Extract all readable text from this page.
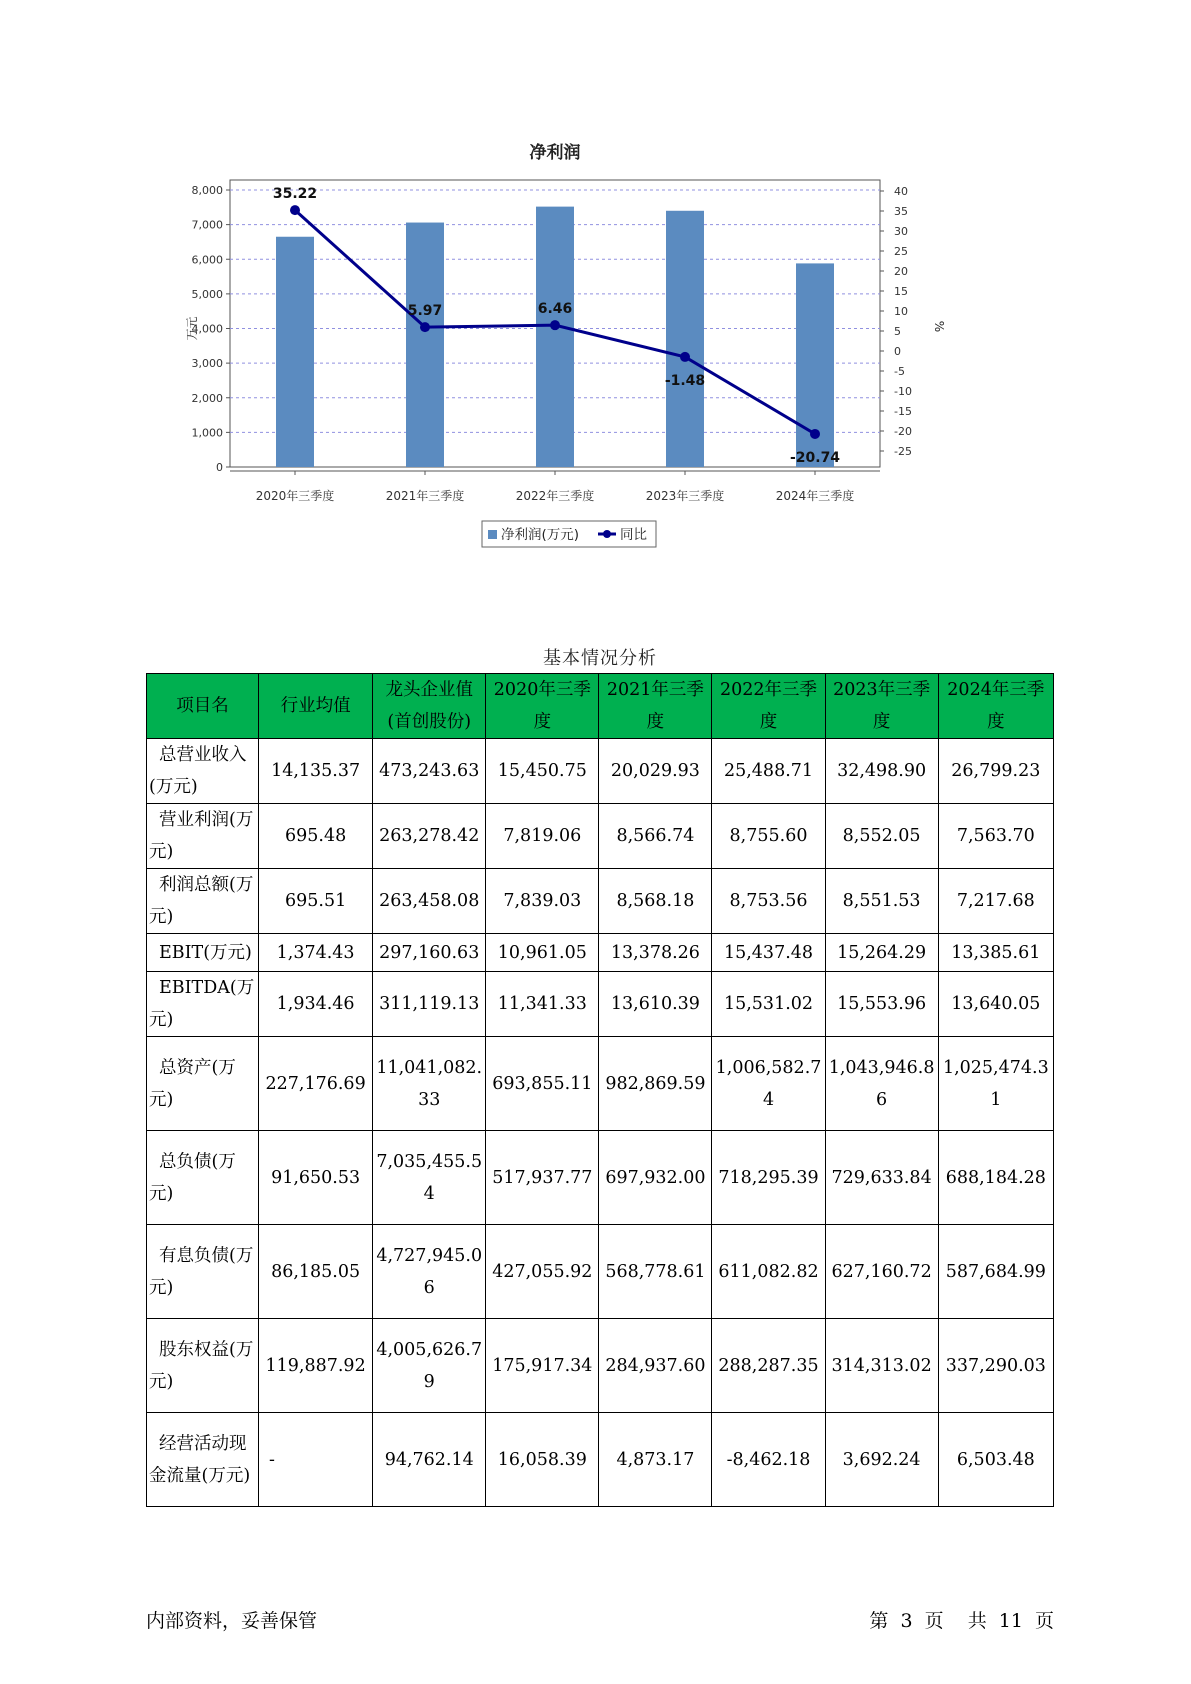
净利润
0
1,000
2,000
3,000
4,000
5,000
6,000
7,000
8,000
-25
-20
-15
-10
-5
0
5
10
15
20
25
30
35
40
万元	%
2020年三季度	2021年三季度	2022年三季度	2023年三季度	2024年三季度
35.22
5.97	6.46
-1.48
-20.74
净利润(万元)	同比
基本情况分析
项目名	行业均值	龙头企业值(首创股份)	2020年三季度	2021年三季度	2022年三季度	2023年三季度	2024年三季度
总营业收入(万元)	14,135.37	473,243.63	15,450.75	20,029.93	25,488.71	32,498.90	26,799.23
营业利润(万元)	695.48	263,278.42	7,819.06	8,566.74	8,755.60	8,552.05	7,563.70
利润总额(万元)	695.51	263,458.08	7,839.03	8,568.18	8,753.56	8,551.53	7,217.68
EBIT(万元)	1,374.43	297,160.63	10,961.05	13,378.26	15,437.48	15,264.29	13,385.61
EBITDA(万元)	1,934.46	311,119.13	11,341.33	13,610.39	15,531.02	15,553.96	13,640.05
总资产(万元)	227,176.69	11,041,082.33	693,855.11	982,869.59	1,006,582.74	1,043,946.86	1,025,474.31
总负债(万元)	91,650.53	7,035,455.54	517,937.77	697,932.00	718,295.39	729,633.84	688,184.28
有息负债(万元)	86,185.05	4,727,945.06	427,055.92	568,778.61	611,082.82	627,160.72	587,684.99
股东权益(万元)	119,887.92	4,005,626.79	175,917.34	284,937.60	288,287.35	314,313.02	337,290.03
经营活动现金流量(万元)	-	94,762.14	16,058.39	4,873.17	-8,462.18	3,692.24	6,503.48
内部资料，妥善保管	第 3 页 共 11 页
